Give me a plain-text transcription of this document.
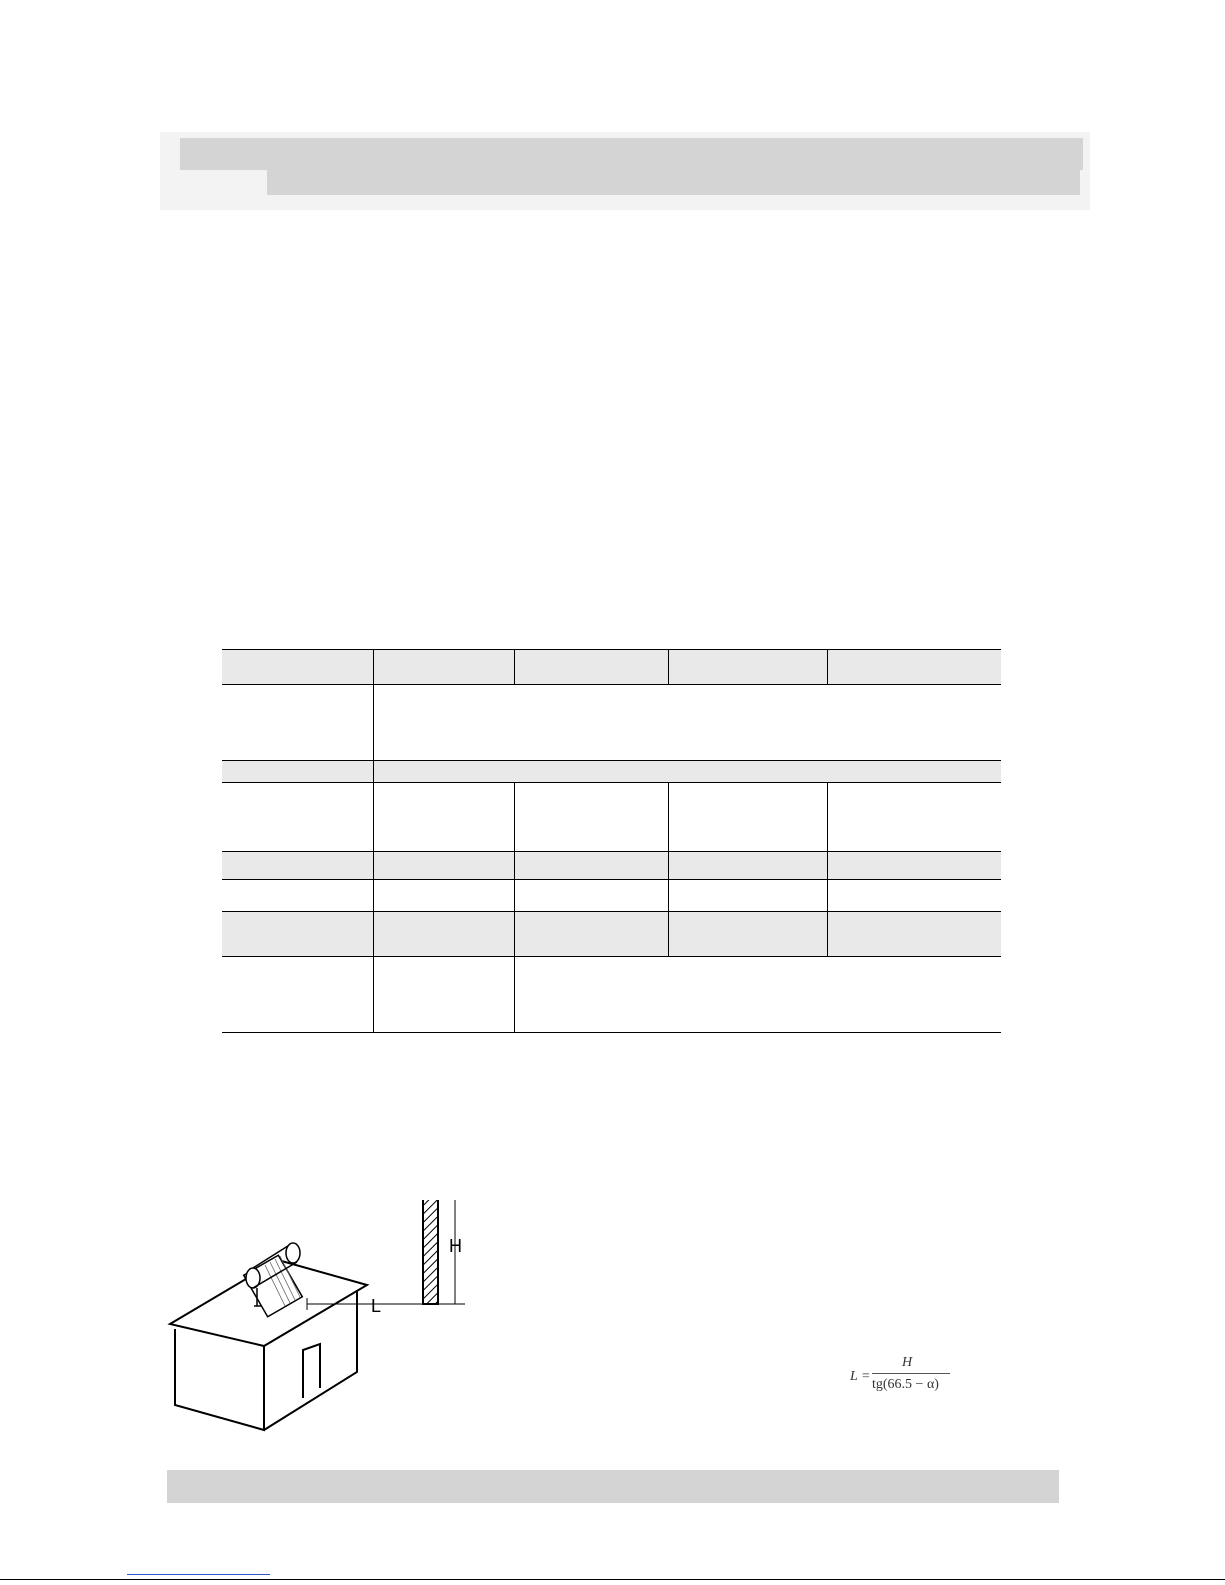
H
L
L =
H
tg(66.5 − α)
